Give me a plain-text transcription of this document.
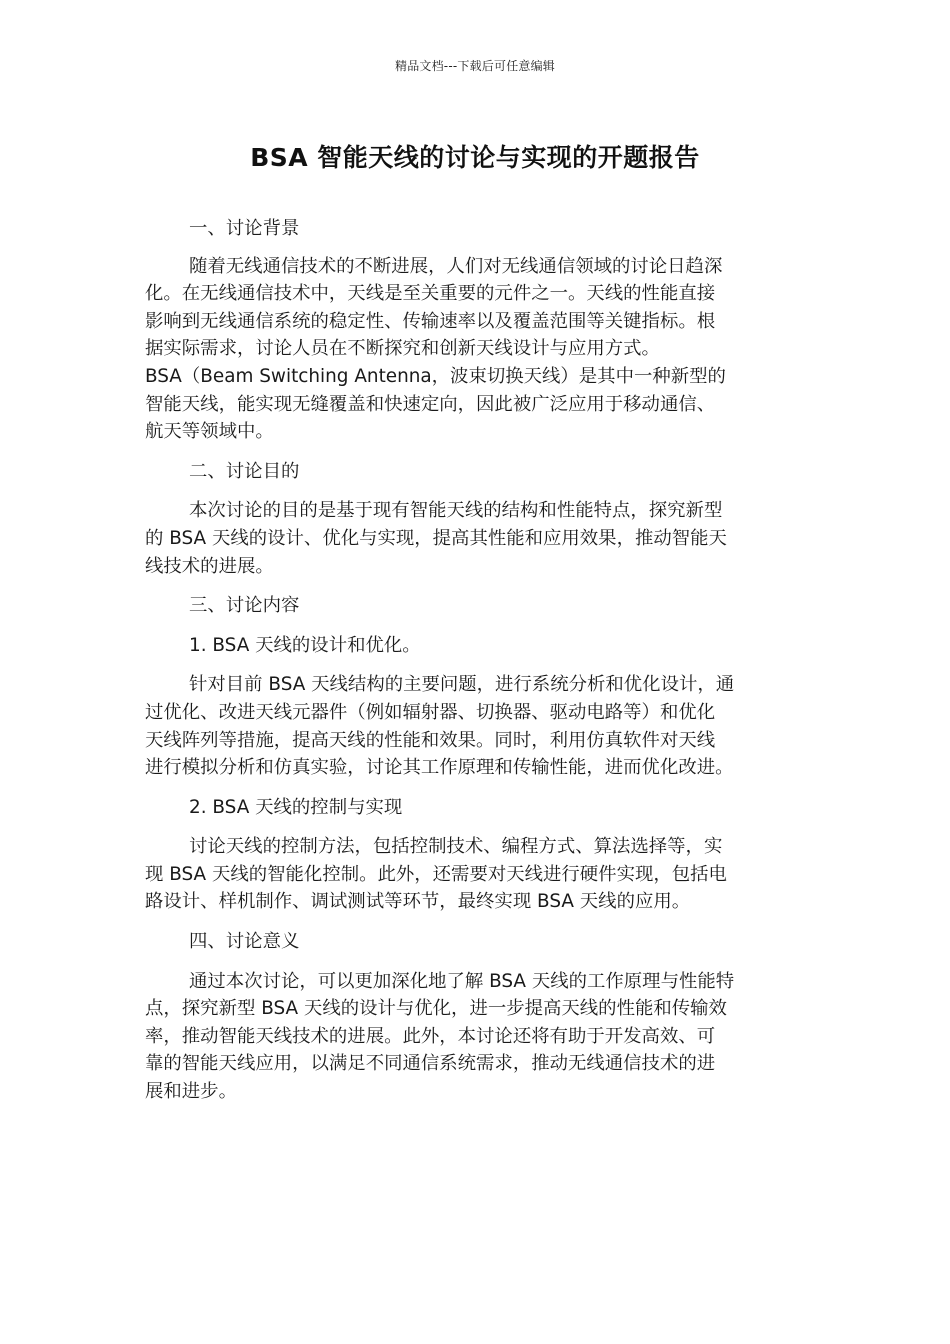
精品文档---下载后可任意编辑
BSA 智能天线的讨论与实现的开题报告

一、讨论背景

随着无线通信技术的不断进展，人们对无线通信领域的讨论日趋深
化。在无线通信技术中，天线是至关重要的元件之一。天线的性能直接
影响到无线通信系统的稳定性、传输速率以及覆盖范围等关键指标。根
据实际需求，讨论人员在不断探究和创新天线设计与应用方式。
BSA（Beam Switching Antenna，波束切换天线）是其中一种新型的
智能天线，能实现无缝覆盖和快速定向，因此被广泛应用于移动通信、
航天等领域中。

二、讨论目的

本次讨论的目的是基于现有智能天线的结构和性能特点，探究新型
的 BSA 天线的设计、优化与实现，提高其性能和应用效果，推动智能天
线技术的进展。

三、讨论内容

1. BSA 天线的设计和优化。

针对目前 BSA 天线结构的主要问题，进行系统分析和优化设计，通
过优化、改进天线元器件（例如辐射器、切换器、驱动电路等）和优化
天线阵列等措施，提高天线的性能和效果。同时，利用仿真软件对天线
进行模拟分析和仿真实验，讨论其工作原理和传输性能，进而优化改进。

2. BSA 天线的控制与实现

讨论天线的控制方法，包括控制技术、编程方式、算法选择等，实
现 BSA 天线的智能化控制。此外，还需要对天线进行硬件实现，包括电
路设计、样机制作、调试测试等环节，最终实现 BSA 天线的应用。

四、讨论意义

通过本次讨论，可以更加深化地了解 BSA 天线的工作原理与性能特
点，探究新型 BSA 天线的设计与优化，进一步提高天线的性能和传输效
率，推动智能天线技术的进展。此外，本讨论还将有助于开发高效、可
靠的智能天线应用，以满足不同通信系统需求，推动无线通信技术的进
展和进步。
